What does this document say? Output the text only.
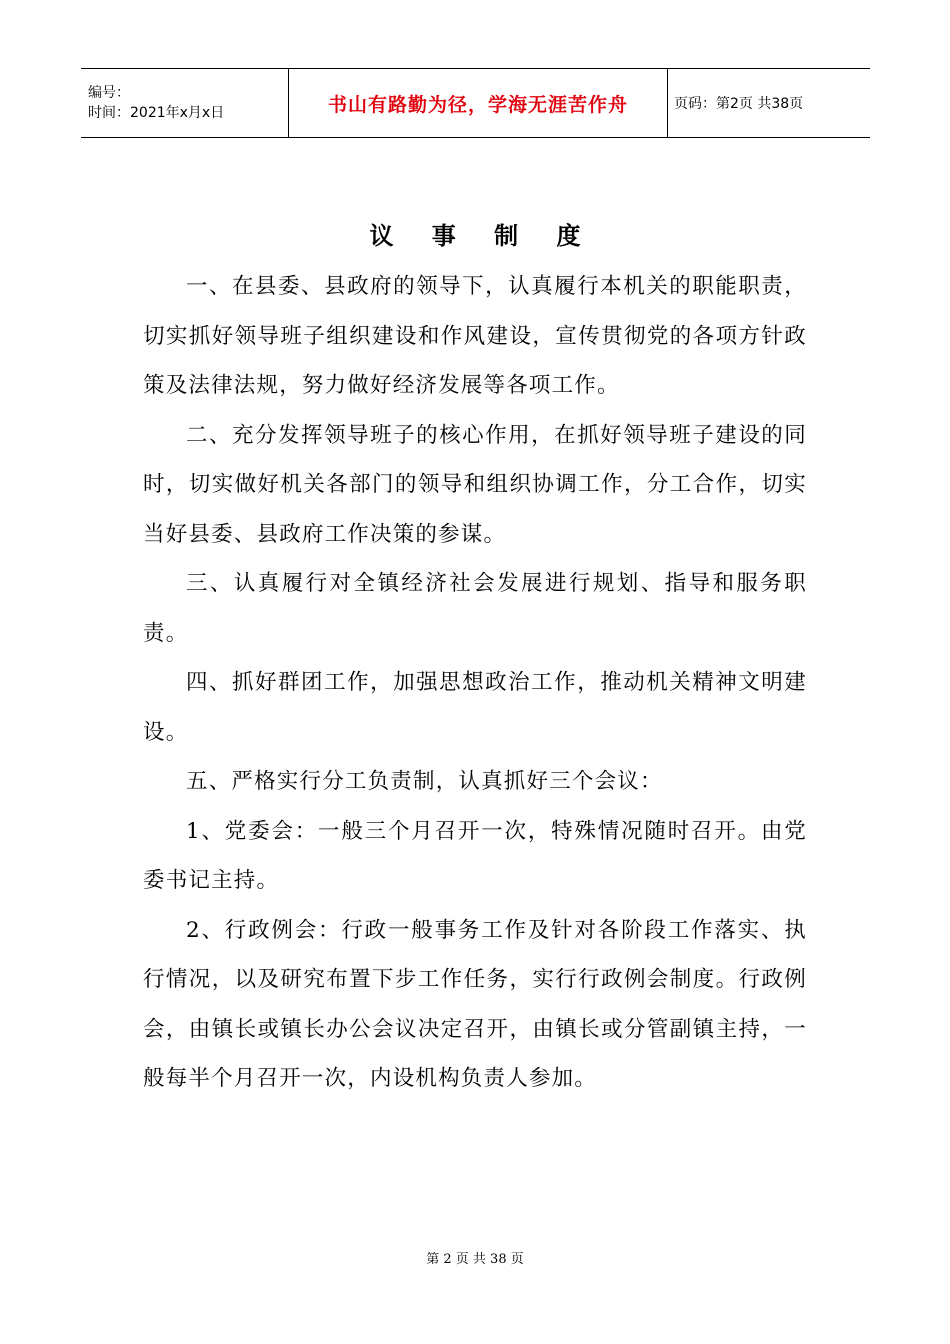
编号：
时间：2021年x月x日	书山有路勤为径，学海无涯苦作舟	页码：第2页 共38页
议 事 制 度

一、在县委、县政府的领导下，认真履行本机关的职能职责，切实抓好领导班子组织建设和作风建设，宣传贯彻党的各项方针政策及法律法规，努力做好经济发展等各项工作。

二、充分发挥领导班子的核心作用，在抓好领导班子建设的同时，切实做好机关各部门的领导和组织协调工作，分工合作，切实当好县委、县政府工作决策的参谋。

三、认真履行对全镇经济社会发展进行规划、指导和服务职责。

四、抓好群团工作，加强思想政治工作，推动机关精神文明建设。

五、严格实行分工负责制，认真抓好三个会议：

1、党委会：一般三个月召开一次，特殊情况随时召开。由党委书记主持。

2、行政例会：行政一般事务工作及针对各阶段工作落实、执行情况，以及研究布置下步工作任务，实行行政例会制度。行政例会，由镇长或镇长办公会议决定召开，由镇长或分管副镇主持，一般每半个月召开一次，内设机构负责人参加。

第 2 页 共 38 页
